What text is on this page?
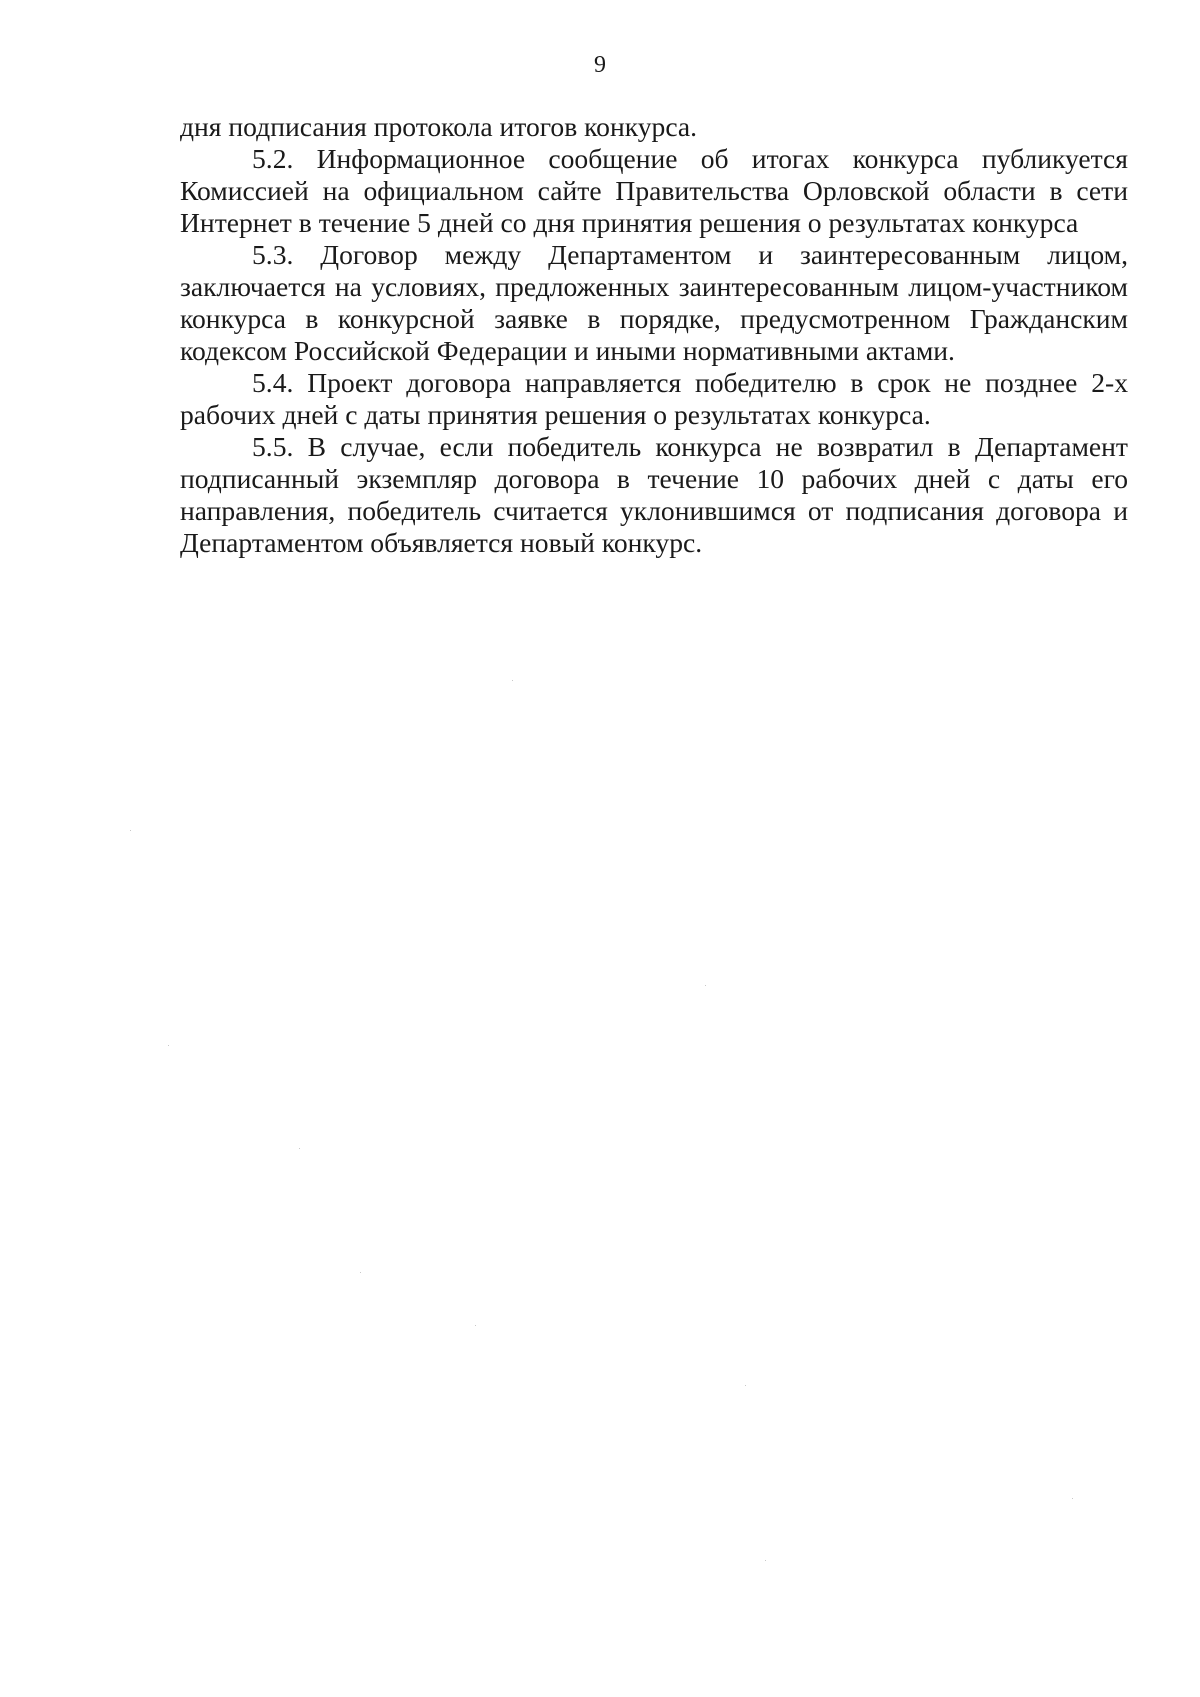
9

дня подписания протокола итогов конкурса.

5.2. Информационное сообщение об итогах конкурса публикуется Комиссией на официальном сайте Правительства Орловской области в сети Интернет в течение 5 дней со дня принятия решения о результатах конкурса

5.3. Договор между Департаментом и заинтересованным лицом, заключается на условиях, предложенных заинтересованным лицом-участником конкурса в конкурсной заявке в порядке, предусмотренном Гражданским кодексом Российской Федерации и иными нормативными актами.

5.4. Проект договора направляется победителю в срок не позднее 2-х рабочих дней с даты принятия решения о результатах конкурса.

5.5. В случае, если победитель конкурса не возвратил в Департамент подписанный экземпляр договора в течение 10 рабочих дней с даты его направления, победитель считается уклонившимся от подписания договора и Департаментом объявляется новый конкурс.
